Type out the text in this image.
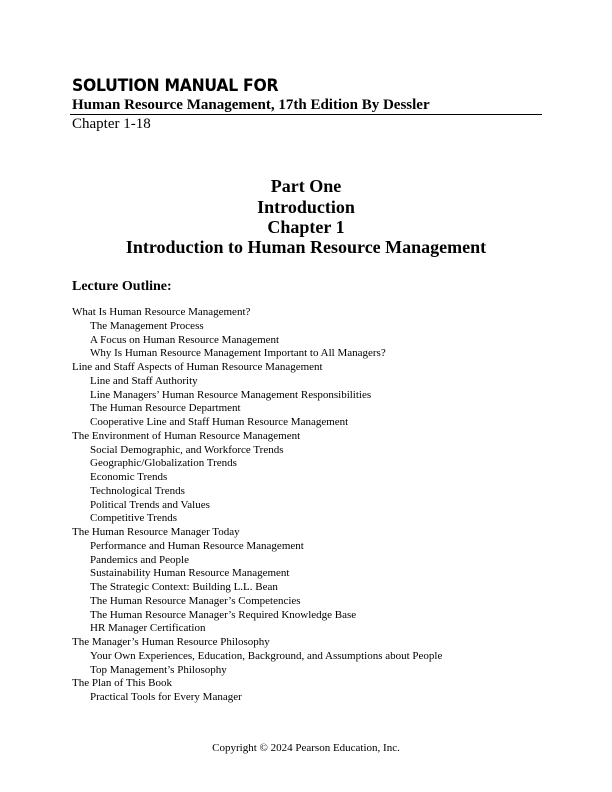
SOLUTION MANUAL FOR
Human Resource Management, 17th Edition By Dessler
Chapter 1-18
Part One
Introduction
Chapter 1
Introduction to Human Resource Management
Lecture Outline:
What Is Human Resource Management?
The Management Process
A Focus on Human Resource Management
Why Is Human Resource Management Important to All Managers?
Line and Staff Aspects of Human Resource Management
Line and Staff Authority
Line Managers’ Human Resource Management Responsibilities
The Human Resource Department
Cooperative Line and Staff Human Resource Management
The Environment of Human Resource Management
Social Demographic, and Workforce Trends
Geographic/Globalization Trends
Economic Trends
Technological Trends
Political Trends and Values
Competitive Trends
The Human Resource Manager Today
Performance and Human Resource Management
Pandemics and People
Sustainability Human Resource Management
The Strategic Context: Building L.L. Bean
The Human Resource Manager’s Competencies
The Human Resource Manager’s Required Knowledge Base
HR Manager Certification
The Manager’s Human Resource Philosophy
Your Own Experiences, Education, Background, and Assumptions about People
Top Management’s Philosophy
The Plan of This Book
Practical Tools for Every Manager
Copyright © 2024 Pearson Education, Inc.
